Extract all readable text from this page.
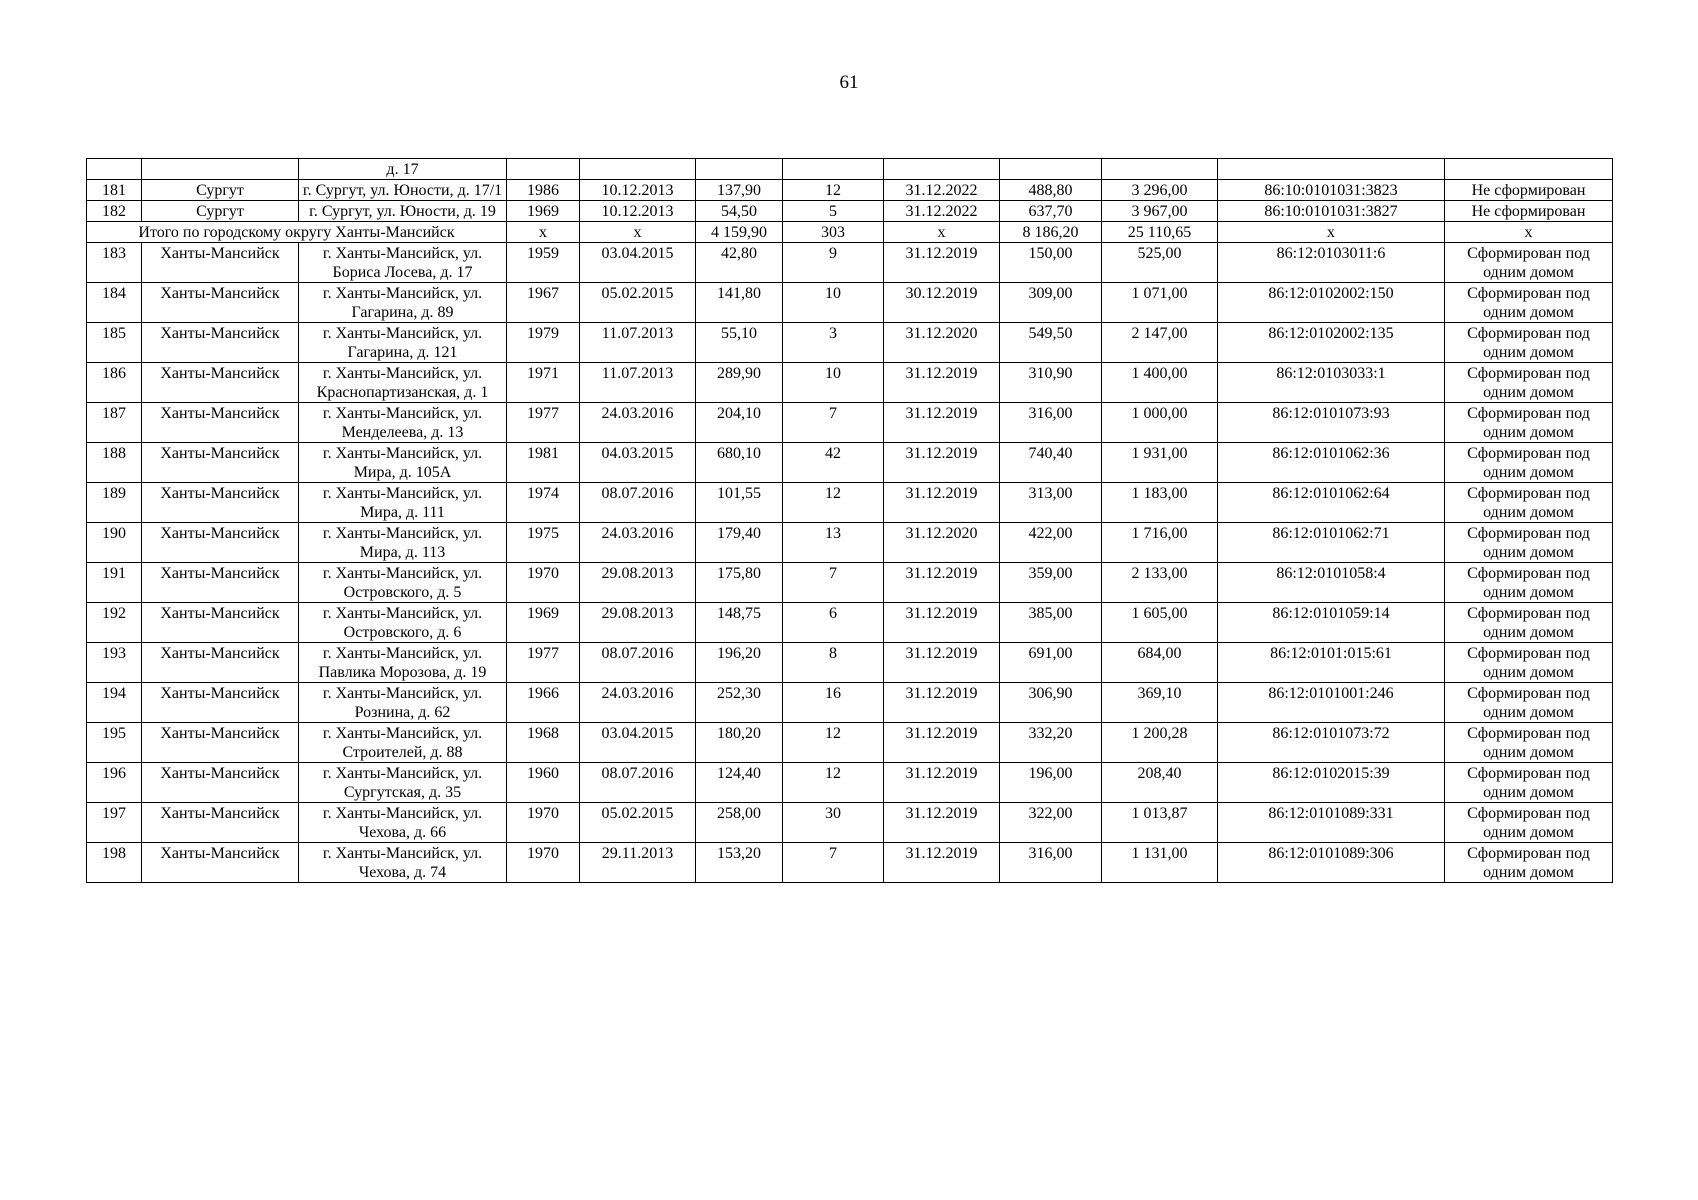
61
		д. 17									
181	Сургут	г. Сургут, ул. Юности, д. 17/1	1986	10.12.2013	137,90	12	31.12.2022	488,80	3 296,00	86:10:0101031:3823	Не сформирован
182	Сургут	г. Сургут, ул. Юности, д. 19	1969	10.12.2013	54,50	5	31.12.2022	637,70	3 967,00	86:10:0101031:3827	Не сформирован
Итого по городскому округу Ханты-Мансийск			x	x	4 159,90	303	x	8 186,20	25 110,65	x	x
183	Ханты-Мансийск	г. Ханты-Мансийск, ул. Бориса Лосева, д. 17	1959	03.04.2015	42,80	9	31.12.2019	150,00	525,00	86:12:0103011:6	Сформирован под одним домом
184	Ханты-Мансийск	г. Ханты-Мансийск, ул. Гагарина, д. 89	1967	05.02.2015	141,80	10	30.12.2019	309,00	1 071,00	86:12:0102002:150	Сформирован под одним домом
185	Ханты-Мансийск	г. Ханты-Мансийск, ул. Гагарина, д. 121	1979	11.07.2013	55,10	3	31.12.2020	549,50	2 147,00	86:12:0102002:135	Сформирован под одним домом
186	Ханты-Мансийск	г. Ханты-Мансийск, ул. Краснопартизанская, д. 1	1971	11.07.2013	289,90	10	31.12.2019	310,90	1 400,00	86:12:0103033:1	Сформирован под одним домом
187	Ханты-Мансийск	г. Ханты-Мансийск, ул. Менделеева, д. 13	1977	24.03.2016	204,10	7	31.12.2019	316,00	1 000,00	86:12:0101073:93	Сформирован под одним домом
188	Ханты-Мансийск	г. Ханты-Мансийск, ул. Мира, д. 105А	1981	04.03.2015	680,10	42	31.12.2019	740,40	1 931,00	86:12:0101062:36	Сформирован под одним домом
189	Ханты-Мансийск	г. Ханты-Мансийск, ул. Мира, д. 111	1974	08.07.2016	101,55	12	31.12.2019	313,00	1 183,00	86:12:0101062:64	Сформирован под одним домом
190	Ханты-Мансийск	г. Ханты-Мансийск, ул. Мира, д. 113	1975	24.03.2016	179,40	13	31.12.2020	422,00	1 716,00	86:12:0101062:71	Сформирован под одним домом
191	Ханты-Мансийск	г. Ханты-Мансийск, ул. Островского, д. 5	1970	29.08.2013	175,80	7	31.12.2019	359,00	2 133,00	86:12:0101058:4	Сформирован под одним домом
192	Ханты-Мансийск	г. Ханты-Мансийск, ул. Островского, д. 6	1969	29.08.2013	148,75	6	31.12.2019	385,00	1 605,00	86:12:0101059:14	Сформирован под одним домом
193	Ханты-Мансийск	г. Ханты-Мансийск, ул. Павлика Морозова, д. 19	1977	08.07.2016	196,20	8	31.12.2019	691,00	684,00	86:12:0101:015:61	Сформирован под одним домом
194	Ханты-Мансийск	г. Ханты-Мансийск, ул. Рознина, д. 62	1966	24.03.2016	252,30	16	31.12.2019	306,90	369,10	86:12:0101001:246	Сформирован под одним домом
195	Ханты-Мансийск	г. Ханты-Мансийск, ул. Строителей, д. 88	1968	03.04.2015	180,20	12	31.12.2019	332,20	1 200,28	86:12:0101073:72	Сформирован под одним домом
196	Ханты-Мансийск	г. Ханты-Мансийск, ул. Сургутская, д. 35	1960	08.07.2016	124,40	12	31.12.2019	196,00	208,40	86:12:0102015:39	Сформирован под одним домом
197	Ханты-Мансийск	г. Ханты-Мансийск, ул. Чехова, д. 66	1970	05.02.2015	258,00	30	31.12.2019	322,00	1 013,87	86:12:0101089:331	Сформирован под одним домом
198	Ханты-Мансийск	г. Ханты-Мансийск, ул. Чехова, д. 74	1970	29.11.2013	153,20	7	31.12.2019	316,00	1 131,00	86:12:0101089:306	Сформирован под одним домом
